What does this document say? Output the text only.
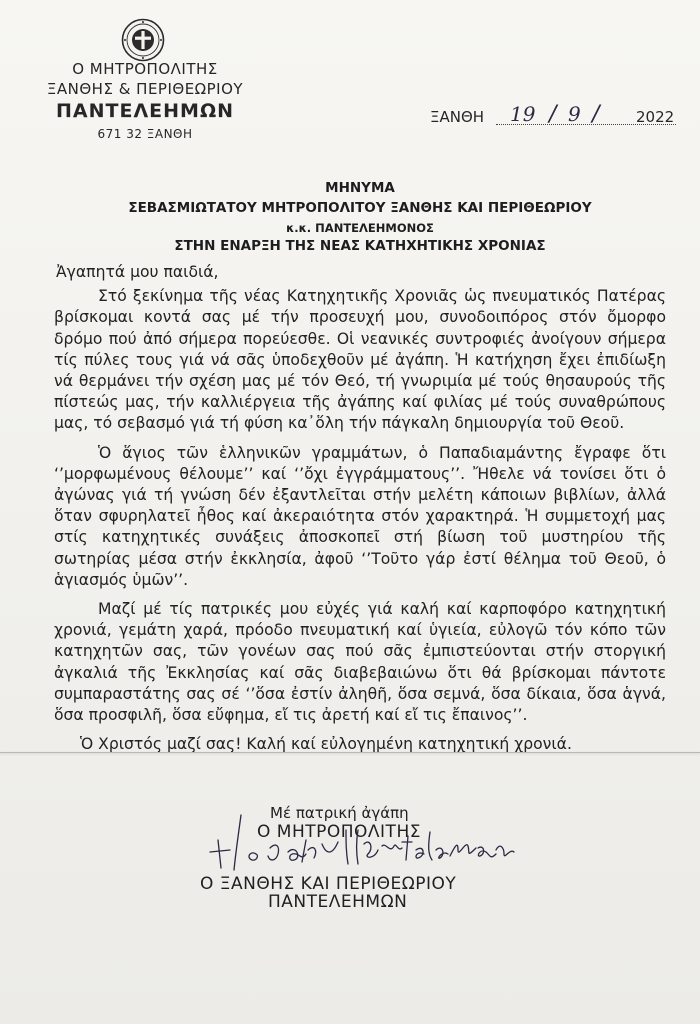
Ο ΜΗΤΡΟΠΟΛΙΤΗΣ
ΞΑΝΘΗΣ & ΠΕΡΙΘΕΩΡΙΟΥ
ΠΑΝΤΕΛΕΗΜΩΝ
671 32 ΞΑΝΘΗ
ΞΑΝΘΗ 19 / 9 / 2022
ΜΗΝΥΜΑ
ΣΕΒΑΣΜΙΩΤΑΤΟΥ ΜΗΤΡΟΠΟΛΙΤΟΥ ΞΑΝΘΗΣ ΚΑΙ ΠΕΡΙΘΕΩΡΙΟΥ
κ.κ. ΠΑΝΤΕΛΕΗΜΟΝΟΣ
ΣΤΗΝ ΕΝΑΡΞΗ ΤΗΣ ΝΕΑΣ ΚΑΤΗΧΗΤΙΚΗΣ ΧΡΟΝΙΑΣ

Ἀγαπητά μου παιδιά,

Στό ξεκίνημα τῆς νέας Κατηχητικῆς Χρονιᾶς ὡς πνευματικός Πατέρας βρίσκομαι κοντά σας μέ τήν προσευχή μου, συνοδοιπόρος στόν ὄμορφο δρόμο πού ἀπό σήμερα πορεύεσθε. Οἱ νεανικές συντροφιές ἀνοίγουν σήμερα τίς πύλες τους γιά νά σᾶς ὑποδεχθοῦν μέ ἀγάπη. Ἡ κατήχηση ἔχει ἐπιδίωξη νά θερμάνει τήν σχέση μας μέ τόν Θεό, τή γνωριμία μέ τούς θησαυρούς τῆς πίστεώς μας, τήν καλλιέργεια τῆς ἀγάπης καί φιλίας μέ τούς συναθρώπους μας, τό σεβασμό γιά τή φύση κα᾽ὅλη τήν πάγκαλη δημιουργία τοῦ Θεοῦ.

Ὁ ἅγιος τῶν ἑλληνικῶν γραμμάτων, ὁ Παπαδιαμάντης ἔγραφε ὅτι ‘’μορφωμένους θέλουμε’’ καί ‘’ὄχι ἐγγράμματους’’. Ἤθελε νά τονίσει ὅτι ὁ ἀγώνας γιά τή γνώση δέν ἐξαντλεῖται στήν μελέτη κάποιων βιβλίων, ἀλλά ὅταν σφυρηλατεῖ ἦθος καί ἀκεραιότητα στόν χαρακτηρά. Ἡ συμμετοχή μας στίς κατηχητικές συνάξεις ἀποσκοπεῖ στή βίωση τοῦ μυστηρίου τῆς σωτηρίας μέσα στήν ἐκκλησία, ἀφοῦ ‘’Τοῦτο γάρ ἐστί θέλημα τοῦ Θεοῦ, ὁ ἁγιασμός ὑμῶν’’.

Μαζί μέ τίς πατρικές μου εὐχές γιά καλή καί καρποφόρο κατηχητική χρονιά, γεμάτη χαρά, πρόοδο πνευματική καί ὑγιεία, εὐλογῶ τόν κόπο τῶν κατηχητῶν σας, τῶν γονέων σας πού σᾶς ἐμπιστεύονται στήν στοργική ἀγκαλιά τῆς Ἐκκλησίας καί σᾶς διαβεβαιώνω ὅτι θά βρίσκομαι πάντοτε συμπαραστάτης σας σέ ‘’ὅσα ἐστίν ἀληθῆ, ὅσα σεμνά, ὅσα δίκαια, ὅσα ἁγνά, ὅσα προσφιλῆ, ὅσα εὔφημα, εἴ τις ἀρετή καί εἴ τις ἔπαινος’’.

Ὁ Χριστός μαζί σας! Καλή καί εὐλογημένη κατηχητική χρονιά.

Μέ πατρική ἀγάπη
Ο ΜΗΤΡΟΠΟΛΙΤΗΣ
Ο ΞΑΝΘΗΣ ΚΑΙ ΠΕΡΙΘΕΩΡΙΟΥ
ΠΑΝΤΕΛΕΗΜΩΝ
